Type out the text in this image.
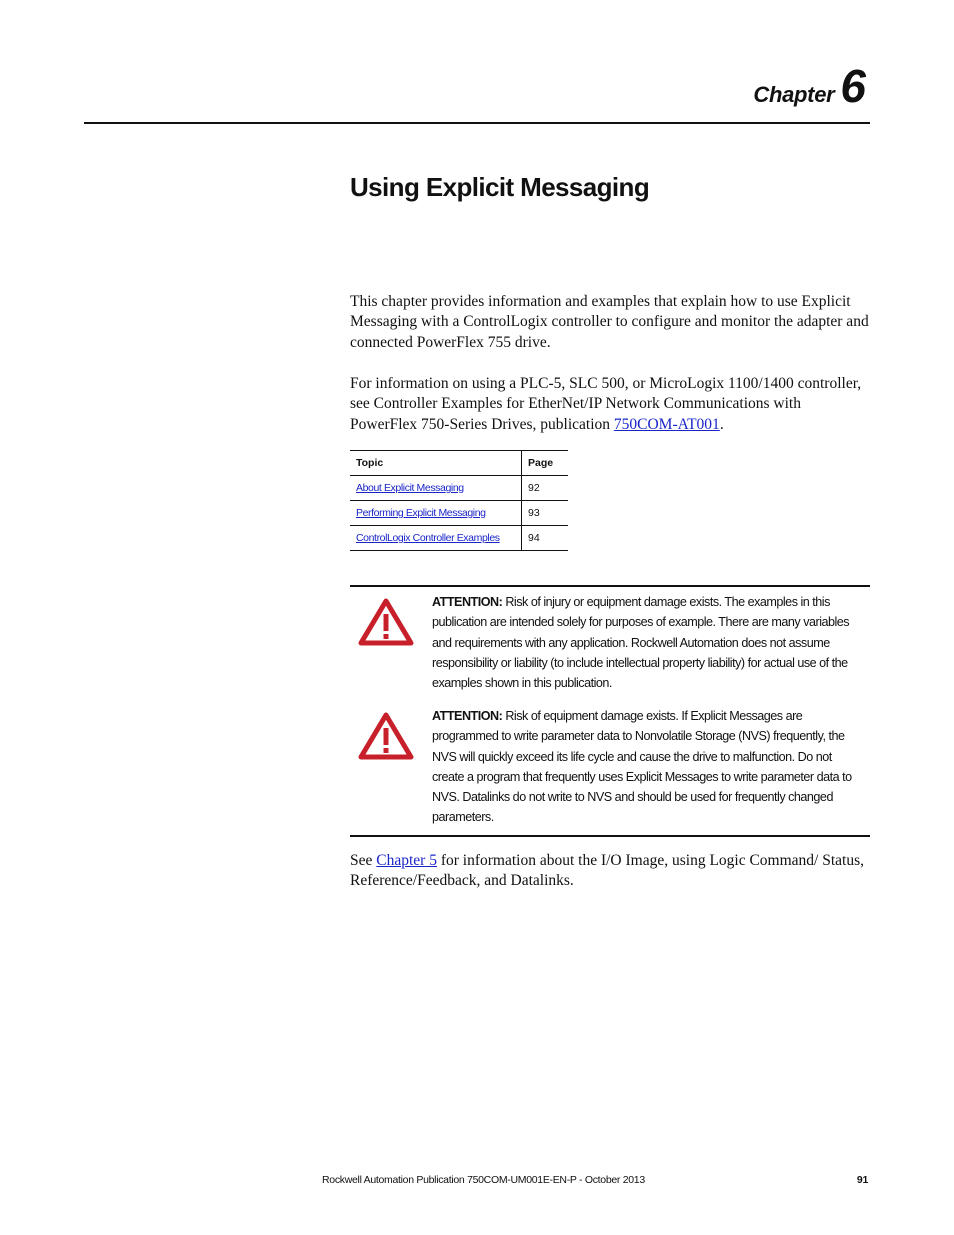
Chapter 6
Using Explicit Messaging

This chapter provides information and examples that explain how to use Explicit Messaging with a ControlLogix controller to configure and monitor the adapter and connected PowerFlex 755 drive.

For information on using a PLC-5, SLC 500, or MicroLogix 1100/1400 controller, see Controller Examples for EtherNet/IP Network Communications with PowerFlex 750-Series Drives, publication 750COM-AT001.

Topic	Page
About Explicit Messaging	92
Performing Explicit Messaging	93
ControlLogix Controller Examples	94

ATTENTION: Risk of injury or equipment damage exists. The examples in this publication are intended solely for purposes of example. There are many variables and requirements with any application. Rockwell Automation does not assume responsibility or liability (to include intellectual property liability) for actual use of the examples shown in this publication.

ATTENTION: Risk of equipment damage exists. If Explicit Messages are programmed to write parameter data to Nonvolatile Storage (NVS) frequently, the NVS will quickly exceed its life cycle and cause the drive to malfunction. Do not create a program that frequently uses Explicit Messages to write parameter data to NVS. Datalinks do not write to NVS and should be used for frequently changed parameters.

See Chapter 5 for information about the I/O Image, using Logic Command/ Status, Reference/Feedback, and Datalinks.

Rockwell Automation Publication 750COM-UM001E-EN-P - October 2013	91
